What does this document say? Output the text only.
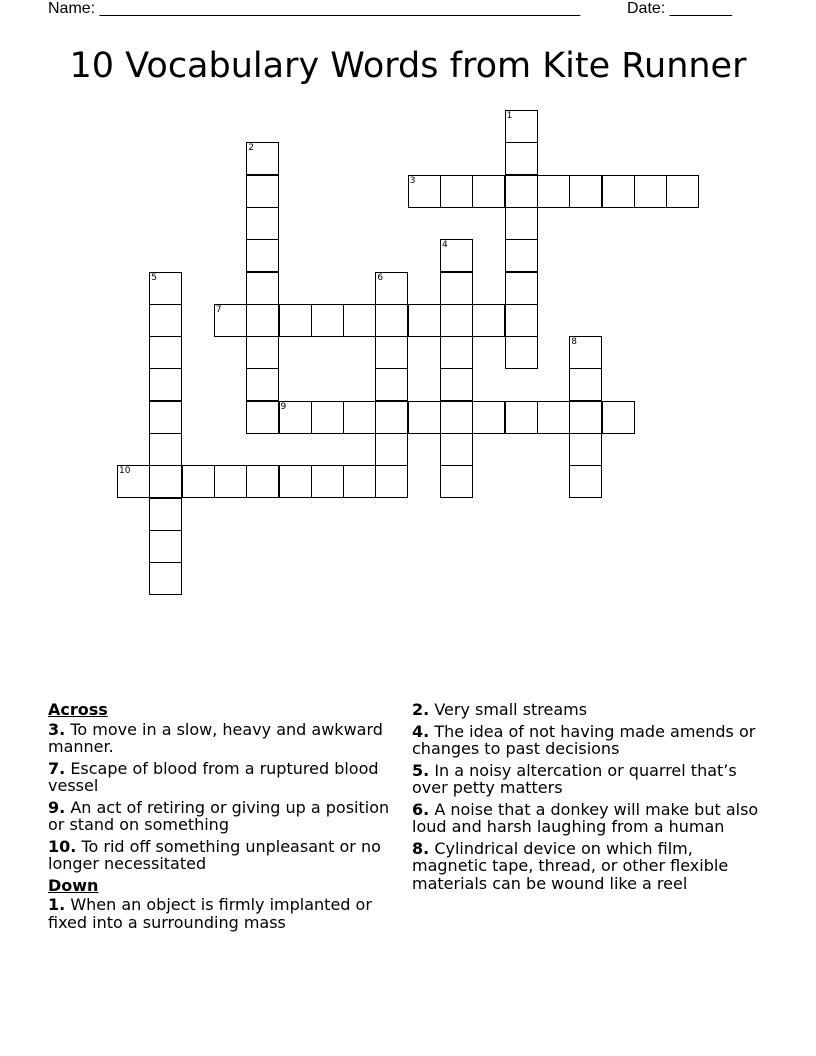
Name: ______________________________________________________	Date: _______
10 Vocabulary Words from Kite Runner
1
2
3
4
5	6
7
8
9
10
Across
3. To move in a slow, heavy and awkward manner.
7. Escape of blood from a ruptured blood vessel
9. An act of retiring or giving up a position or stand on something
10. To rid off something unpleasant or no longer necessitated
Down
1. When an object is firmly implanted or fixed into a surrounding mass
2. Very small streams
4. The idea of not having made amends or changes to past decisions
5. In a noisy altercation or quarrel that’s over petty matters
6. A noise that a donkey will make but also loud and harsh laughing from a human
8. Cylindrical device on which film, magnetic tape, thread, or other flexible materials can be wound like a reel
